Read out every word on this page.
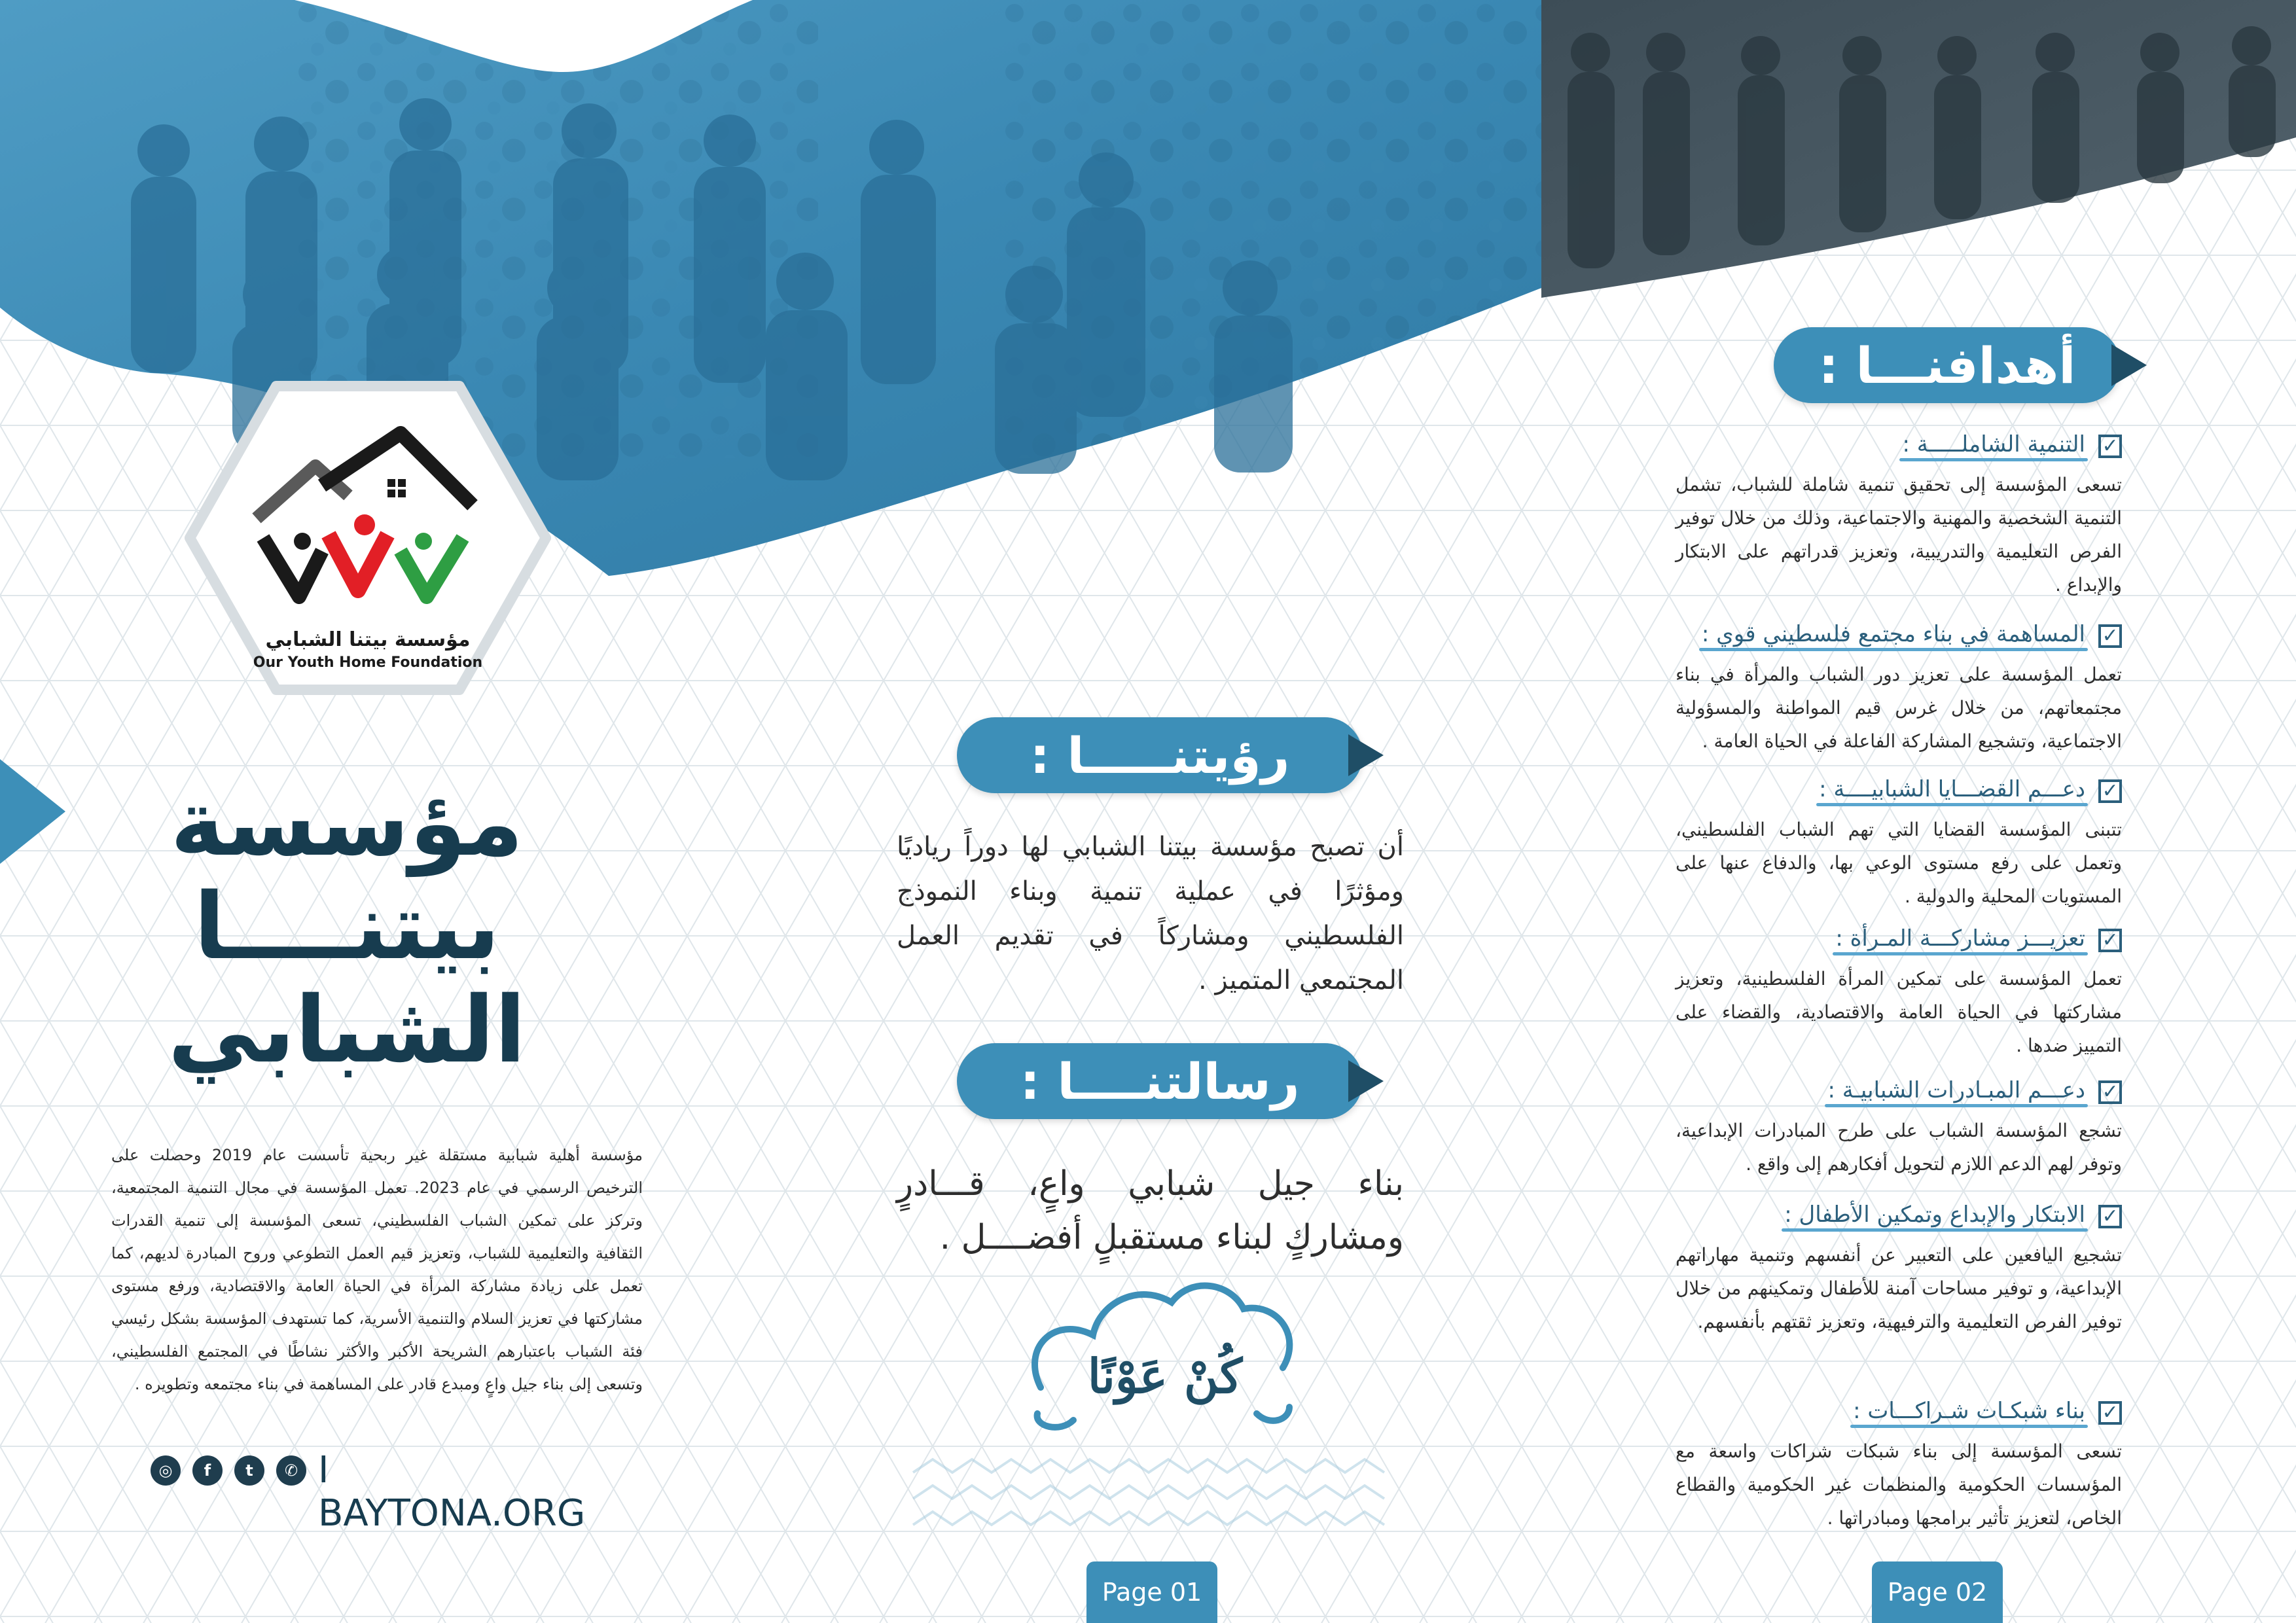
مؤسسة بيتنا الشبابي
Our Youth Home Foundation
مؤسسة
بيتنــــا
الشبابي
مؤسسة أهلية شبابية مستقلة غير ربحية تأسست عام 2019 وحصلت على الترخيص الرسمي في عام 2023. تعمل المؤسسة في مجال التنمية المجتمعية، وتركز على تمكين الشباب الفلسطيني، تسعى المؤسسة إلى تنمية القدرات الثقافية والتعليمية للشباب، وتعزيز قيم العمل التطوعي وروح المبادرة لديهم، كما تعمل على زيادة مشاركة المرأة في الحياة العامة والاقتصادية، ورفع مستوى مشاركتها في تعزيز السلام والتنمية الأسرية، كما تستهدف المؤسسة بشكل رئيسي فئة الشباب باعتبارهم الشريحة الأكبر والأكثر نشاطًا في المجتمع الفلسطيني، وتسعى إلى بناء جيل واعٍ ومبدع قادر على المساهمة في بناء مجتمعه وتطويره .
◎	f	t	✆ I BAYTONA.ORG
رؤيتنـــــا :
أن تصبح مؤسسة بيتنا الشبابي لها دوراً رياديًا ومؤثرًا في عملية تنمية وبناء النموذج الفلسطيني ومشاركاً في تقديم العمل المجتمعي المتميز .
رسالتنــــا :
بناء جيل شبابي واعٍ، قـــادرٍ ومشاركٍ لبناء مستقبلٍ أفضــــل .
كُنْ عَوْنًا
أهدافنـــا :
✓
التنمية الشاملـــــة :
تسعى المؤسسة إلى تحقيق تنمية شاملة للشباب، تشمل التنمية الشخصية والمهنية والاجتماعية، وذلك من خلال توفير الفرص التعليمية والتدريبية، وتعزيز قدراتهم على الابتكار والإبداع .
✓
المساهمة في بناء مجتمع فلسطيني قوي :
تعمل المؤسسة على تعزيز دور الشباب والمرأة في بناء مجتمعاتهم، من خلال غرس قيم المواطنة والمسؤولية الاجتماعية، وتشجيع المشاركة الفاعلة في الحياة العامة .
✓
دعـــم القضـــايا الشبابيــــة :
تتبنى المؤسسة القضايا التي تهم الشباب الفلسطيني، وتعمل على رفع مستوى الوعي بها، والدفاع عنها على المستويات المحلية والدولية .
✓
تعزيـــز مشاركـــة المـرأة :
تعمل المؤسسة على تمكين المرأة الفلسطينية، وتعزيز مشاركتها في الحياة العامة والاقتصادية، والقضاء على التمييز ضدها .
✓
دعـــم المبـادرات الشبابيـة :
تشجع المؤسسة الشباب على طرح المبادرات الإبداعية، وتوفر لهم الدعم اللازم لتحويل أفكارهم إلى واقع .
✓
الابتكار والإبداع وتمكين الأطفال :
تشجيع اليافعين على التعبير عن أنفسهم وتنمية مهاراتهم الإبداعية، و توفير مساحات آمنة للأطفال وتمكينهم من خلال توفير الفرص التعليمية والترفيهية، وتعزيز ثقتهم بأنفسهم.
✓
بناء شبكـات شـراكـــات :
تسعى المؤسسة إلى بناء شبكات شراكات واسعة مع المؤسسات الحكومية والمنظمات غير الحكومية والقطاع الخاص، لتعزيز تأثير برامجها ومبادراتها .
Page 01	Page 02
